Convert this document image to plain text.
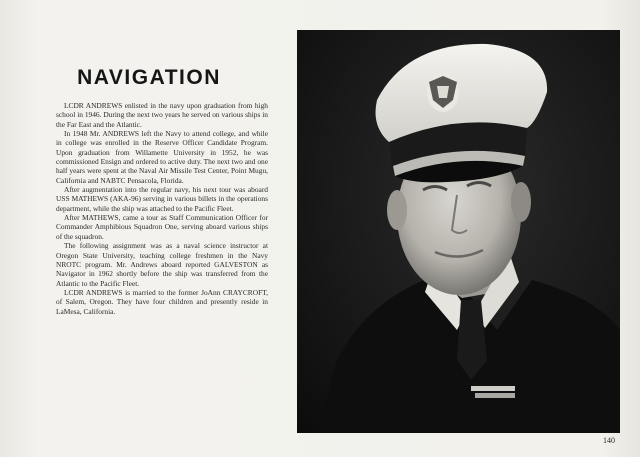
NAVIGATION

LCDR ANDREWS enlisted in the navy upon graduation from high school in 1946. During the next two years he served on various ships in the Far East and the Atlantic.

In 1948 Mr. ANDREWS left the Navy to attend college, and while in college was enrolled in the Reserve Officer Candidate Program. Upon graduation from Willamette University in 1952, he was commissioned Ensign and ordered to active duty. The next two and one half years were spent at the Naval Air Missile Test Center, Point Mugu, California and NABTC Pensacola, Florida.

After augmentation into the regular navy, his next tour was aboard USS MATHEWS (AKA-96) serving in various billets in the operations department, while the ship was attached to the Pacific Fleet.

After MATHEWS, came a tour as Staff Communication Officer for Commander Amphibious Squadron One, serving aboard various ships of the squadron.

The following assignment was as a naval science instructor at Oregon State University, teaching college freshmen in the Navy NROTC program. Mr. Andrews aboard reported GALVESTON as Navigator in 1962 shortly before the ship was transferred from the Atlantic to the Pacific Fleet.

LCDR ANDREWS is married to the former JoAnn CRAYCROFT, of Salem, Oregon. They have four children and presently reside in LaMesa, California.

140
